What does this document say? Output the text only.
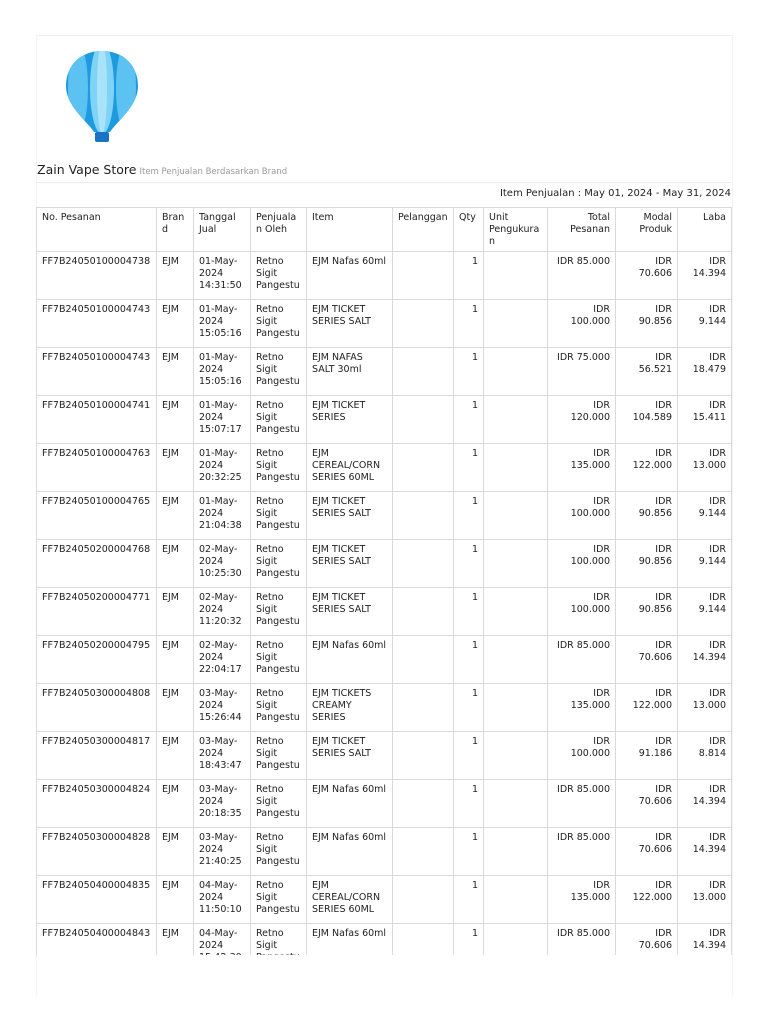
Zain Vape Store Item Penjualan Berdasarkan Brand
Item Penjualan : May 01, 2024 - May 31, 2024
No. Pesanan	Brand	Tanggal Jual	Penjualan Oleh	Item	Pelanggan	Qty	Unit Pengukuran	Total Pesanan	Modal Produk	Laba
FF7B24050100004738	EJM	01-May-2024 14:31:50	Retno Sigit Pangestu	EJM Nafas 60ml		1		IDR 85.000	IDR 70.606	IDR 14.394
FF7B24050100004743	EJM	01-May-2024 15:05:16	Retno Sigit Pangestu	EJM TICKET SERIES SALT		1		IDR 100.000	IDR 90.856	IDR 9.144
FF7B24050100004743	EJM	01-May-2024 15:05:16	Retno Sigit Pangestu	EJM NAFAS SALT 30ml		1		IDR 75.000	IDR 56.521	IDR 18.479
FF7B24050100004741	EJM	01-May-2024 15:07:17	Retno Sigit Pangestu	EJM TICKET SERIES		1		IDR 120.000	IDR 104.589	IDR 15.411
FF7B24050100004763	EJM	01-May-2024 20:32:25	Retno Sigit Pangestu	EJM CEREAL/CORN SERIES 60ML		1		IDR 135.000	IDR 122.000	IDR 13.000
FF7B24050100004765	EJM	01-May-2024 21:04:38	Retno Sigit Pangestu	EJM TICKET SERIES SALT		1		IDR 100.000	IDR 90.856	IDR 9.144
FF7B24050200004768	EJM	02-May-2024 10:25:30	Retno Sigit Pangestu	EJM TICKET SERIES SALT		1		IDR 100.000	IDR 90.856	IDR 9.144
FF7B24050200004771	EJM	02-May-2024 11:20:32	Retno Sigit Pangestu	EJM TICKET SERIES SALT		1		IDR 100.000	IDR 90.856	IDR 9.144
FF7B24050200004795	EJM	02-May-2024 22:04:17	Retno Sigit Pangestu	EJM Nafas 60ml		1		IDR 85.000	IDR 70.606	IDR 14.394
FF7B24050300004808	EJM	03-May-2024 15:26:44	Retno Sigit Pangestu	EJM TICKETS CREAMY SERIES		1		IDR 135.000	IDR 122.000	IDR 13.000
FF7B24050300004817	EJM	03-May-2024 18:43:47	Retno Sigit Pangestu	EJM TICKET SERIES SALT		1		IDR 100.000	IDR 91.186	IDR 8.814
FF7B24050300004824	EJM	03-May-2024 20:18:35	Retno Sigit Pangestu	EJM Nafas 60ml		1		IDR 85.000	IDR 70.606	IDR 14.394
FF7B24050300004828	EJM	03-May-2024 21:40:25	Retno Sigit Pangestu	EJM Nafas 60ml		1		IDR 85.000	IDR 70.606	IDR 14.394
FF7B24050400004835	EJM	04-May-2024 11:50:10	Retno Sigit Pangestu	EJM CEREAL/CORN SERIES 60ML		1		IDR 135.000	IDR 122.000	IDR 13.000
FF7B24050400004843	EJM	04-May-2024	Retno Sigit	EJM Nafas 60ml		1		IDR 85.000	IDR 70.606	IDR 14.394
